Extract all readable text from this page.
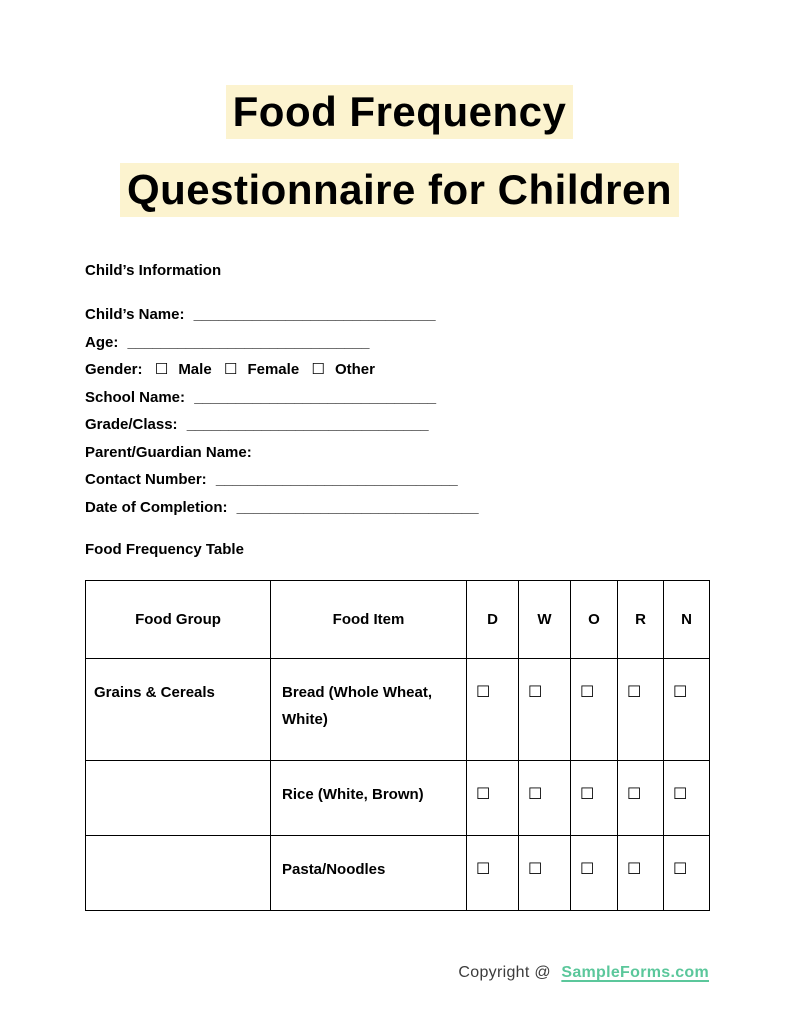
Food Frequency
Questionnaire for Children
Child’s Information
Child’s Name: _____________________________
Age: _____________________________
Gender: ☐ Male ☐ Female ☐ Other
School Name: _____________________________
Grade/Class: _____________________________
Parent/Guardian Name:
Contact Number: _____________________________
Date of Completion: _____________________________
Food Frequency Table
Food Group	Food Item	D	W	O	R	N
Grains & Cereals	Bread (Whole Wheat, White)	☐	☐	☐	☐	☐
	Rice (White, Brown)	☐	☐	☐	☐	☐
	Pasta/Noodles	☐	☐	☐	☐	☐
Copyright @ SampleForms.com
